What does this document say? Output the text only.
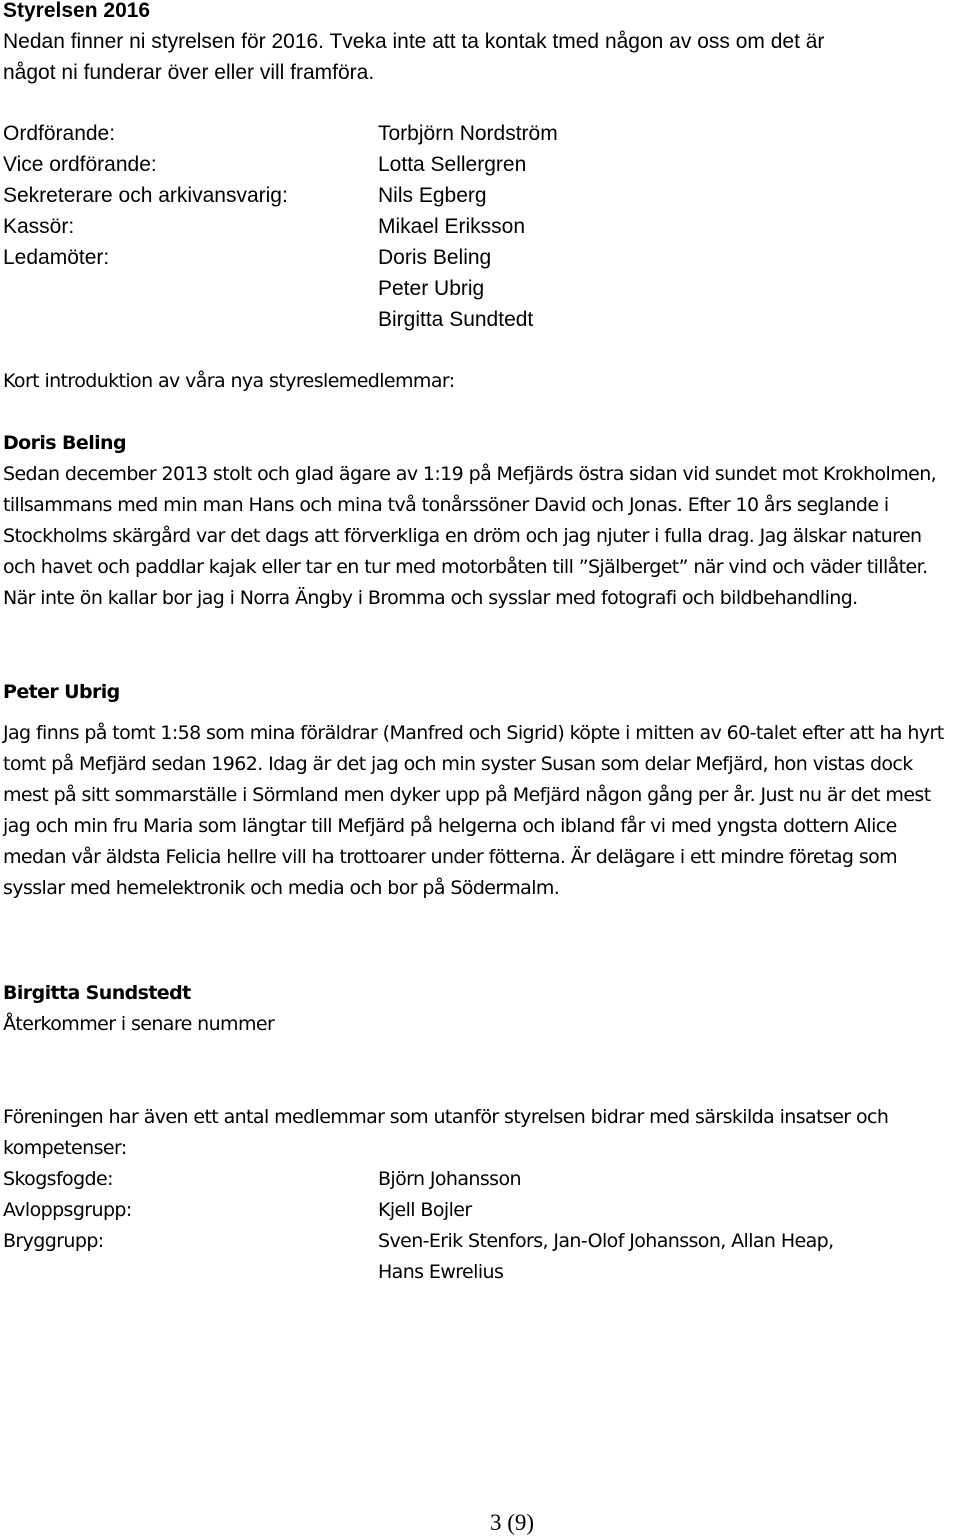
Styrelsen 2016

Nedan finner ni styrelsen för 2016. Tveka inte att ta kontak tmed någon av oss om det är

något ni funderar över eller vill framföra.

Ordförande:
Vice ordförande:
Sekreterare och arkivansvarig:
Kassör:
Ledamöter:
Torbjörn Nordström
Lotta Sellergren
Nils Egberg
Mikael Eriksson
Doris Beling
Peter Ubrig
Birgitta Sundtedt

Kort introduktion av våra nya styreslemedlemmar:

Doris Beling

Sedan december 2013 stolt och glad ägare av 1:19 på Mefjärds östra sidan vid sundet mot Krokholmen, tillsammans med min man Hans och mina två tonårssöner David och Jonas. Efter 10 års seglande i Stockholms skärgård var det dags att förverkliga en dröm och jag njuter i fulla drag. Jag älskar naturen och havet och paddlar kajak eller tar en tur med motorbåten till ”Själberget” när vind och väder tillåter. När inte ön kallar bor jag i Norra Ängby i Bromma och sysslar med fotografi och bildbehandling.

Peter Ubrig

Jag finns på tomt 1:58 som mina föräldrar (Manfred och Sigrid) köpte i mitten av 60-talet efter att ha hyrt tomt på Mefjärd sedan 1962. Idag är det jag och min syster Susan som delar Mefjärd, hon vistas dock mest på sitt sommarställe i Sörmland men dyker upp på Mefjärd någon gång per år. Just nu är det mest jag och min fru Maria som längtar till Mefjärd på helgerna och ibland får vi med yngsta dottern Alice medan vår äldsta Felicia hellre vill ha trottoarer under fötterna. Är delägare i ett mindre företag som sysslar med hemelektronik och media och bor på Södermalm.

Birgitta Sundstedt

Återkommer i senare nummer

Föreningen har även ett antal medlemmar som utanför styrelsen bidrar med särskilda insatser och kompetenser:

Skogsfogde:
Avloppsgrupp:
Bryggrupp:
Björn Johansson
Kjell Bojler
Sven-Erik Stenfors, Jan-Olof Johansson, Allan Heap,
Hans Ewrelius
3 (9)
